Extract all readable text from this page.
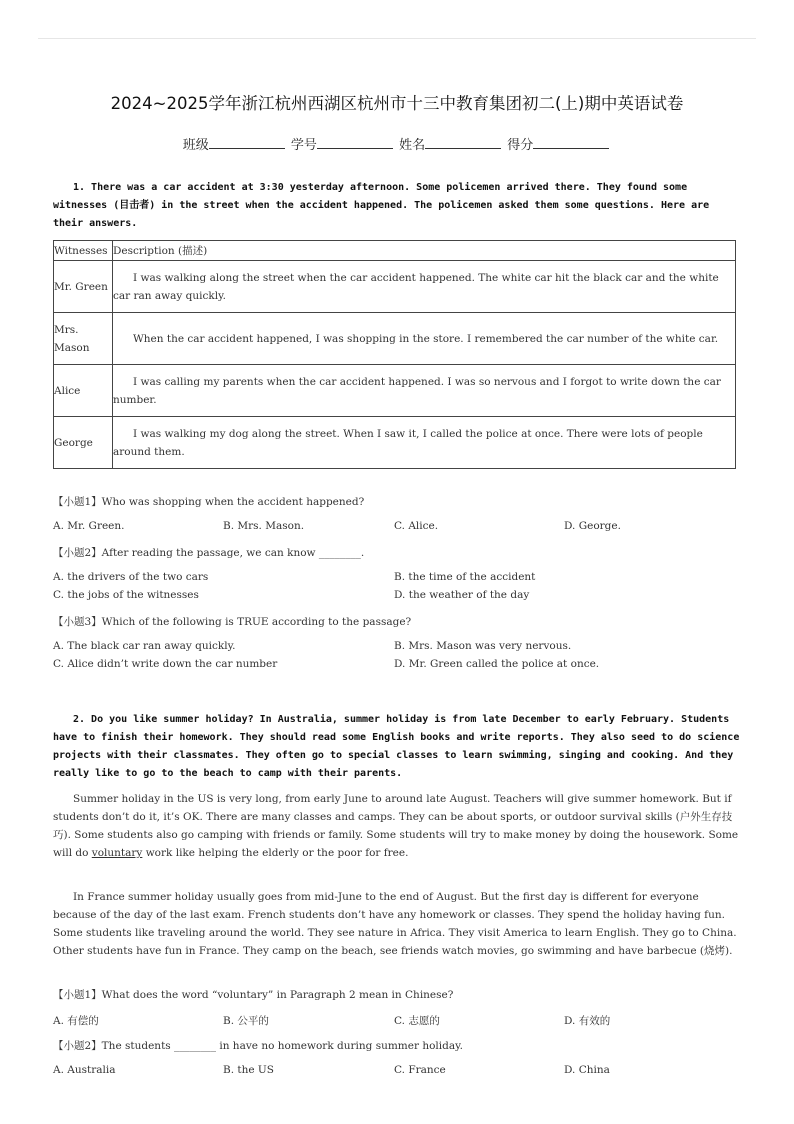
2024~2025学年浙江杭州西湖区杭州市十三中教育集团初二(上)期中英语试卷
班级	学号	姓名	得分
1. There was a car accident at 3:30 yesterday afternoon. Some policemen arrived there. They found some witnesses (目击者) in the street when the accident happened. The policemen asked them some questions. Here are their answers.
Witnesses	Description (描述)
Mr. Green	I was walking along the street when the car accident happened. The white car hit the black car and the white car ran away quickly.
Mrs. Mason	When the car accident happened, I was shopping in the store. I remembered the car number of the white car.
Alice	I was calling my parents when the car accident happened. I was so nervous and I forgot to write down the car number.
George	I was walking my dog along the street. When I saw it, I called the police at once. There were lots of people around them.
【小题1】Who was shopping when the accident happened?
A. Mr. Green.	B. Mrs. Mason.	C. Alice.	D. George.
【小题2】After reading the passage, we can know ________.
A. the drivers of the two cars	B. the time of the accident
C. the jobs of the witnesses	D. the weather of the day
【小题3】Which of the following is TRUE according to the passage?
A. The black car ran away quickly.	B. Mrs. Mason was very nervous.
C. Alice didn’t write down the car number	D. Mr. Green called the police at once.
2. Do you like summer holiday? In Australia, summer holiday is from late December to early February. Students have to finish their homework. They should read some English books and write reports. They also seed to do science projects with their classmates. They often go to special classes to learn swimming, singing and cooking. And they really like to go to the beach to camp with their parents.
Summer holiday in the US is very long, from early June to around late August. Teachers will give summer homework. But if students don’t do it, it’s OK. There are many classes and camps. They can be about sports, or outdoor survival skills (户外生存技巧). Some students also go camping with friends or family. Some students will try to make money by doing the housework. Some will do voluntary work like helping the elderly or the poor for free.
In France summer holiday usually goes from mid-June to the end of August. But the first day is different for everyone because of the day of the last exam. French students don’t have any homework or classes. They spend the holiday having fun. Some students like traveling around the world. They see nature in Africa. They visit America to learn English. They go to China. Other students have fun in France. They camp on the beach, see friends watch movies, go swimming and have barbecue (烧烤).
【小题1】What does the word “voluntary” in Paragraph 2 mean in Chinese?
A. 有偿的	B. 公平的	C. 志愿的	D. 有效的
【小题2】The students ________ in have no homework during summer holiday.
A. Australia	B. the US	C. France	D. China
